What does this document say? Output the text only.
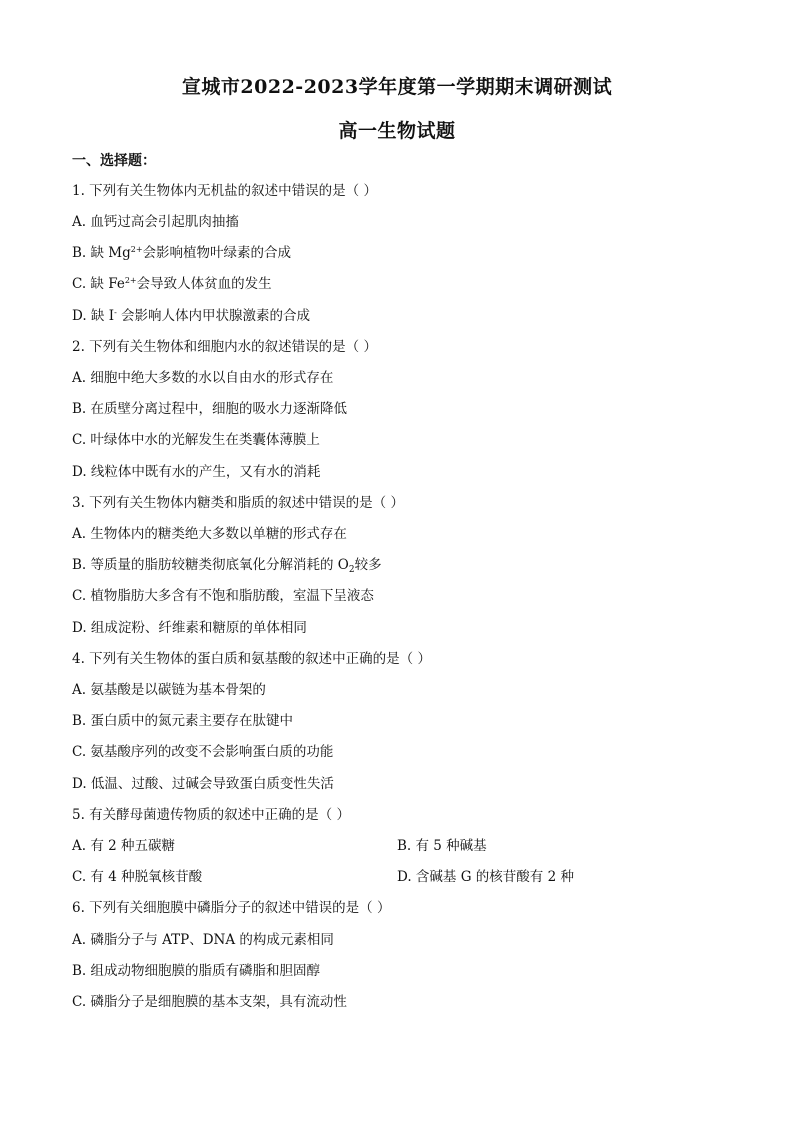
宣城市2022-2023学年度第一学期期末调研测试
高一生物试题
一、选择题：
1. 下列有关生物体内无机盐的叙述中错误的是（ ）
A. 血钙过高会引起肌肉抽搐
B. 缺 $Mg^{2+}$会影响植物叶绿素的合成
C. 缺 $Fe^{2+}$会导致人体贫血的发生
D. 缺 I- 会影响人体内甲状腺激素的合成
2. 下列有关生物体和细胞内水的叙述错误的是（ ）
A. 细胞中绝大多数的水以自由水的形式存在
B. 在质壁分离过程中，细胞的吸水力逐渐降低
C. 叶绿体中水的光解发生在类囊体薄膜上
D. 线粒体中既有水的产生，又有水的消耗
3. 下列有关生物体内糖类和脂质的叙述中错误的是（ ）
A. 生物体内的糖类绝大多数以单糖的形式存在
B. 等质量的脂肪较糖类彻底氧化分解消耗的 $O_2$较多
C. 植物脂肪大多含有不饱和脂肪酸，室温下呈液态
D. 组成淀粉、纤维素和糖原的单体相同
4. 下列有关生物体的蛋白质和氨基酸的叙述中正确的是（ ）
A. 氨基酸是以碳链为基本骨架的
B. 蛋白质中的氮元素主要存在肽键中
C. 氨基酸序列的改变不会影响蛋白质的功能
D. 低温、过酸、过碱会导致蛋白质变性失活
5. 有关酵母菌遗传物质的叙述中正确的是（ ）
A. 有 2 种五碳糖	B. 有 5 种碱基
C. 有 4 种脱氧核苷酸	D. 含碱基 G 的核苷酸有 2 种
6. 下列有关细胞膜中磷脂分子的叙述中错误的是（ ）
A. 磷脂分子与 ATP、DNA 的构成元素相同
B. 组成动物细胞膜的脂质有磷脂和胆固醇
C. 磷脂分子是细胞膜的基本支架，具有流动性
